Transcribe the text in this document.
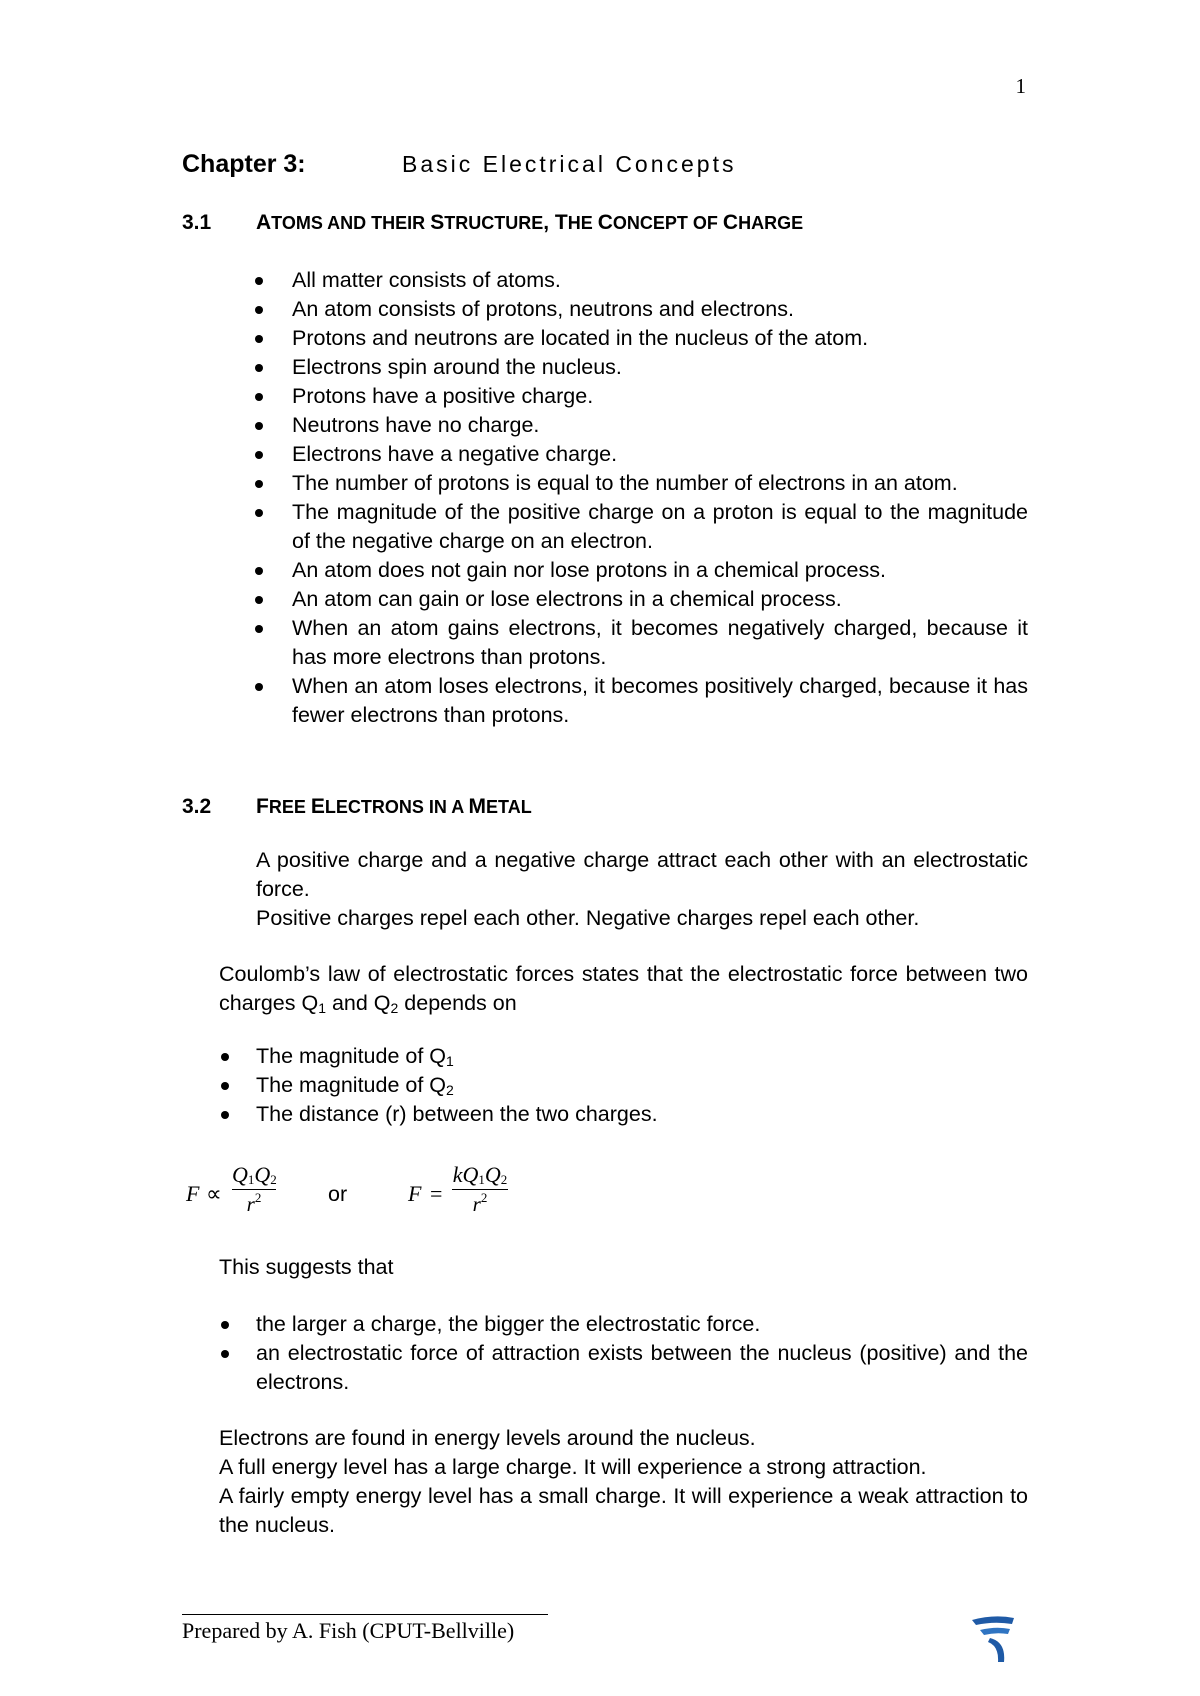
1
Chapter 3:	Basic Electrical Concepts
3.1 ATOMS AND THEIR STRUCTURE, THE CONCEPT OF CHARGE
All matter consists of atoms.
An atom consists of protons, neutrons and electrons.
Protons and neutrons are located in the nucleus of the atom.
Electrons spin around the nucleus.
Protons have a positive charge.
Neutrons have no charge.
Electrons have a negative charge.
The number of protons is equal to the number of electrons in an atom.
The magnitude of the positive charge on a proton is equal to the magnitude of the negative charge on an electron.
An atom does not gain nor lose protons in a chemical process.
An atom can gain or lose electrons in a chemical process.
When an atom gains electrons, it becomes negatively charged, because it has more electrons than protons.
When an atom loses electrons, it becomes positively charged, because it has fewer electrons than protons.
3.2 FREE ELECTRONS IN A METAL

A positive charge and a negative charge attract each other with an electrostatic force.

Positive charges repel each other. Negative charges repel each other.

Coulomb’s law of electrostatic forces states that the electrostatic force between two charges $Q_1$ and $Q_2$ depends on

The magnitude of $Q_1$
The magnitude of $Q_2$
The distance (r) between the two charges.
F ∝
$Q_1Q_2$
$r^2$	or	F =
$kQ_1Q_2$
$r^2$

This suggests that

the larger a charge, the bigger the electrostatic force.
an electrostatic force of attraction exists between the nucleus (positive) and the electrons.

Electrons are found in energy levels around the nucleus.

A full energy level has a large charge. It will experience a strong attraction.

A fairly empty energy level has a small charge. It will experience a weak attraction to the nucleus.

Prepared by A. Fish (CPUT-Bellville)
